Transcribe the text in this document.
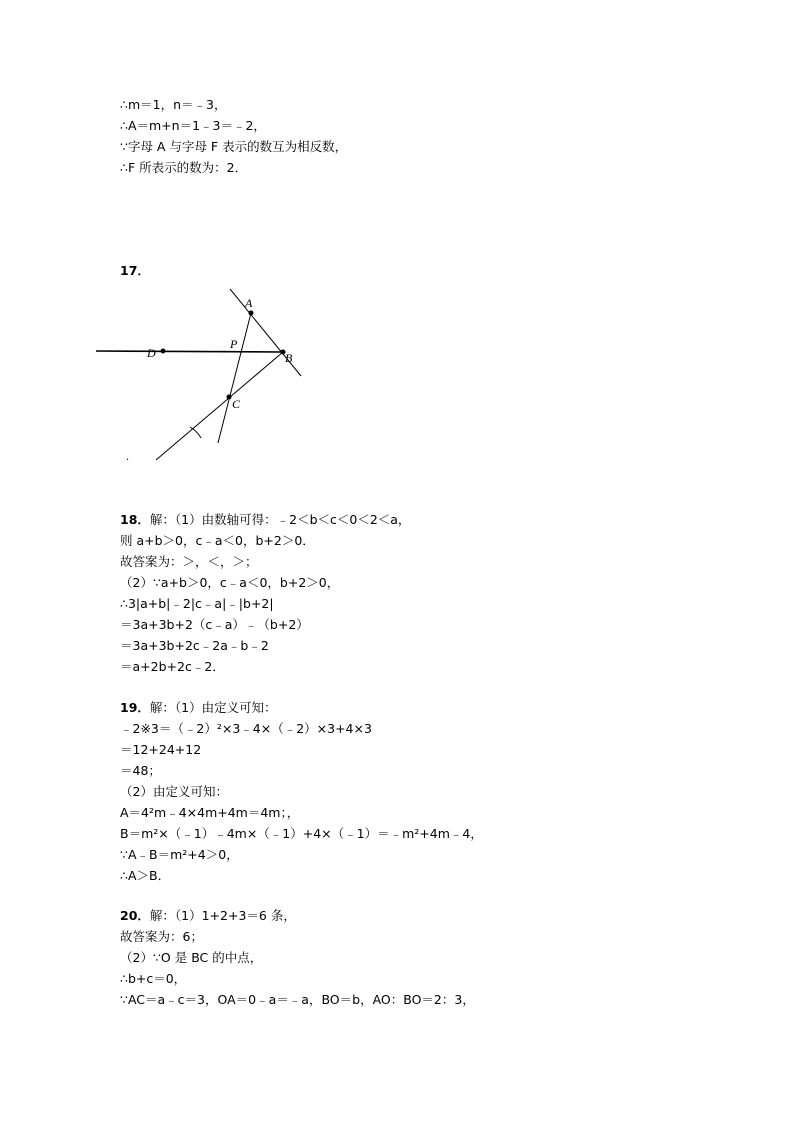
∴m＝1，n＝﹣3，
∴A＝m+n＝1﹣3＝﹣2，
∵字母 A 与字母 F 表示的数互为相反数，
∴F 所表示的数为：2．
17．
A
P
D	B
C
.
18．解：（1）由数轴可得：﹣2＜b＜c＜0＜2＜a，
则 a+b＞0，c﹣a＜0，b+2＞0．
故答案为：＞，＜，＞；
（2）∵a+b＞0，c﹣a＜0，b+2＞0，
∴3|a+b|﹣2|c﹣a|﹣|b+2|
＝3a+3b+2（c﹣a）﹣（b+2）
＝3a+3b+2c﹣2a﹣b﹣2
＝a+2b+2c﹣2．
19．解：（1）由定义可知：
﹣2※3＝（﹣2）²×3﹣4×（﹣2）×3+4×3
＝12+24+12
＝48；
（2）由定义可知：
A＝4²m﹣4×4m+4m＝4m；，
B＝m²×（﹣1）﹣4m×（﹣1）+4×（﹣1）＝﹣m²+4m﹣4，
∵A﹣B＝m²+4＞0，
∴A＞B．
20．解：（1）1+2+3＝6 条，
故答案为：6；
（2）∵O 是 BC 的中点，
∴b+c＝0，
∵AC＝a﹣c＝3，OA＝0﹣a＝﹣a，BO＝b，AO：BO＝2：3，
